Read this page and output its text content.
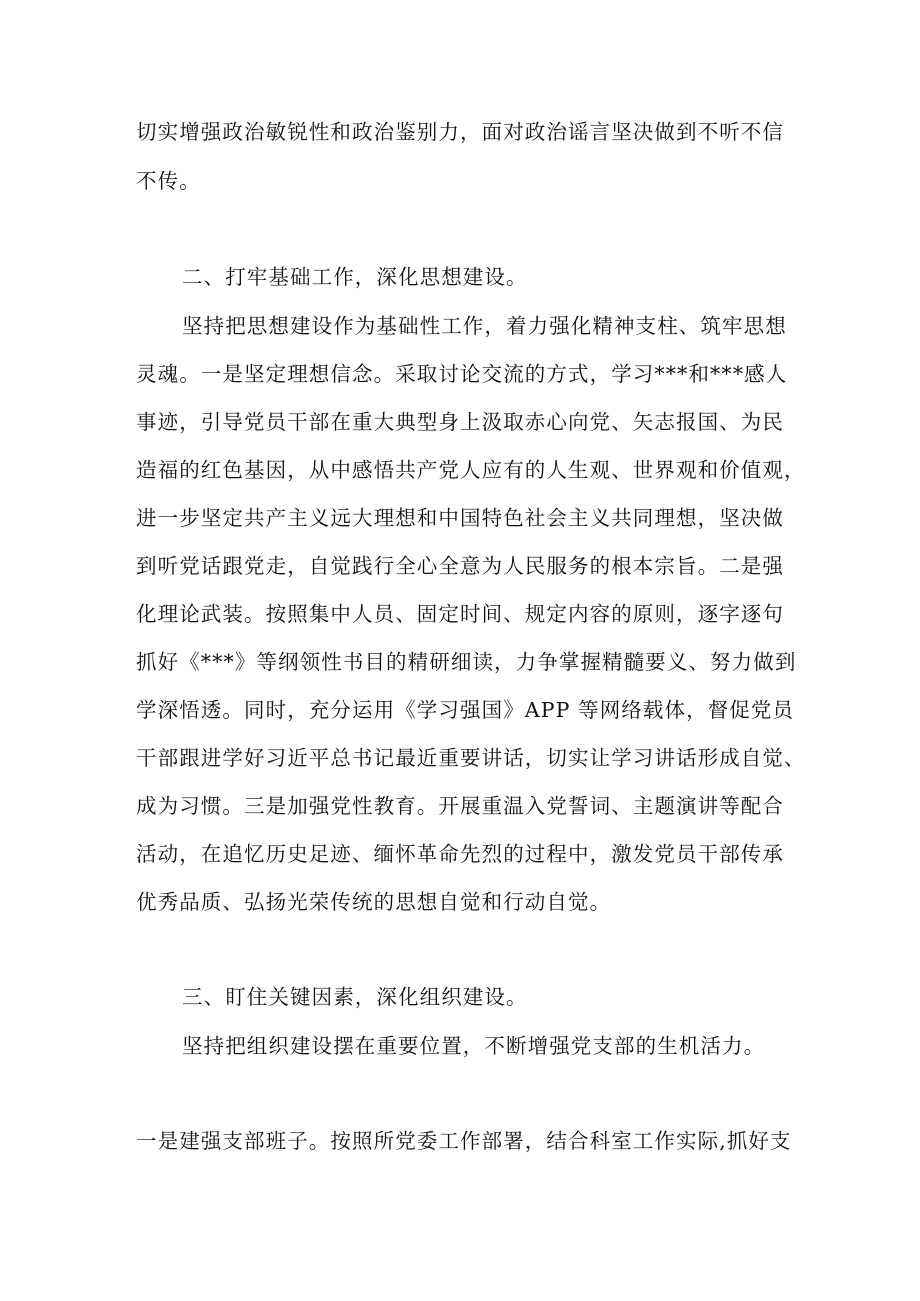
切实增强政治敏锐性和政治鉴别力，面对政治谣言坚决做到不听不信
不传。
二、打牢基础工作，深化思想建设。
坚持把思想建设作为基础性工作，着力强化精神支柱、筑牢思想
灵魂。一是坚定理想信念。采取讨论交流的方式，学习***和***感人
事迹，引导党员干部在重大典型身上汲取赤心向党、矢志报国、为民
造福的红色基因，从中感悟共产党人应有的人生观、世界观和价值观，
进一步坚定共产主义远大理想和中国特色社会主义共同理想，坚决做
到听党话跟党走，自觉践行全心全意为人民服务的根本宗旨。二是强
化理论武装。按照集中人员、固定时间、规定内容的原则，逐字逐句
抓好《***》等纲领性书目的精研细读，力争掌握精髓要义、努力做到
学深悟透。同时，充分运用《学习强国》APP 等网络载体，督促党员
干部跟进学好习近平总书记最近重要讲话，切实让学习讲话形成自觉、
成为习惯。三是加强党性教育。开展重温入党誓词、主题演讲等配合
活动，在追忆历史足迹、缅怀革命先烈的过程中，激发党员干部传承
优秀品质、弘扬光荣传统的思想自觉和行动自觉。
三、盯住关键因素，深化组织建设。
坚持把组织建设摆在重要位置，不断增强党支部的生机活力。
一是建强支部班子。按照所党委工作部署，结合科室工作实际,抓好支
